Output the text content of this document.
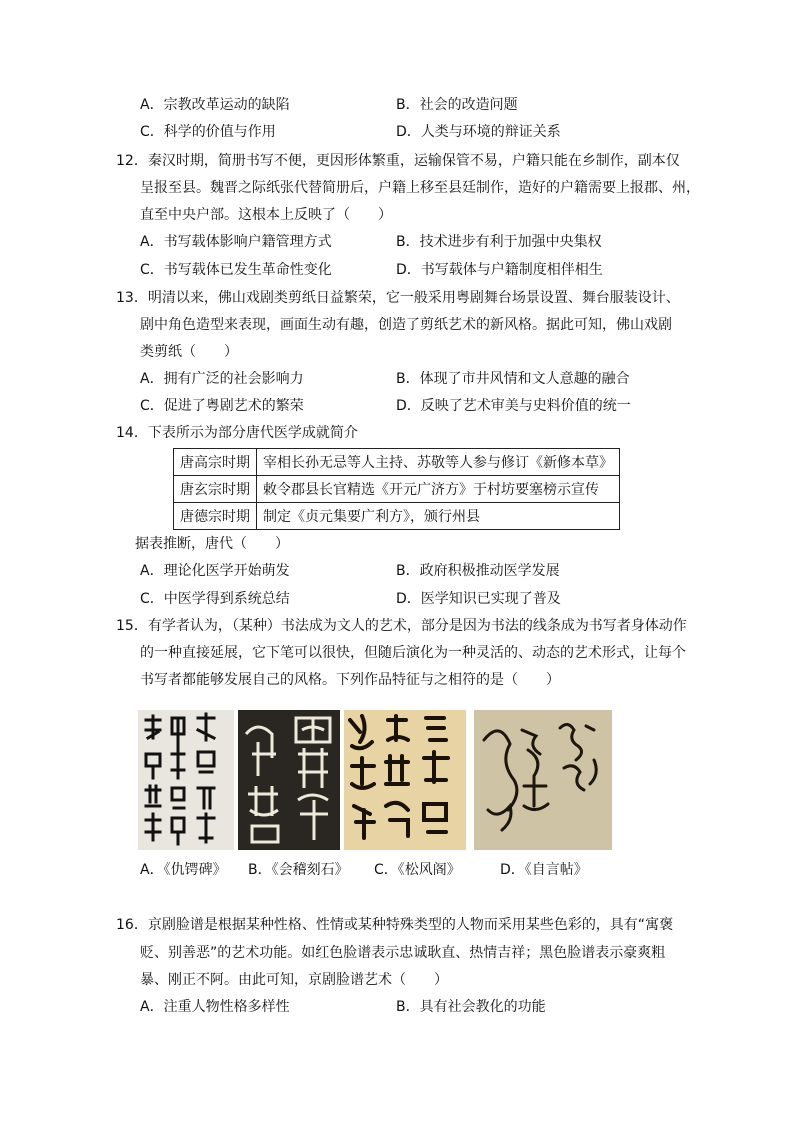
A．宗教改革运动的缺陷	B．社会的改造问题
C．科学的价值与作用	D．人类与环境的辩证关系
12．秦汉时期，简册书写不便，更因形体繁重，运输保管不易，户籍只能在乡制作，副本仅
呈报至县。魏晋之际纸张代替简册后，户籍上移至县廷制作，造好的户籍需要上报郡、州，
直至中央户部。这根本上反映了（　　）
A．书写载体影响户籍管理方式	B．技术进步有利于加强中央集权
C．书写载体已发生革命性变化	D．书写载体与户籍制度相伴相生
13．明清以来，佛山戏剧类剪纸日益繁荣，它一般采用粤剧舞台场景设置、舞台服装设计、
剧中角色造型来表现，画面生动有趣，创造了剪纸艺术的新风格。据此可知，佛山戏剧
类剪纸（　　）
A．拥有广泛的社会影响力	B．体现了市井风情和文人意趣的融合
C．促进了粤剧艺术的繁荣	D．反映了艺术审美与史料价值的统一
14．下表所示为部分唐代医学成就简介
唐高宗时期	宰相长孙无忌等人主持、苏敬等人参与修订《新修本草》
唐玄宗时期	敕令郡县长官精选《开元广济方》于村坊要塞榜示宣传
唐德宗时期	制定《贞元集要广利方》，颁行州县
据表推断，唐代（　　）
A．理论化医学开始萌发	B．政府积极推动医学发展
C．中医学得到系统总结	D．医学知识已实现了普及
15．有学者认为，（某种）书法成为文人的艺术，部分是因为书法的线条成为书写者身体动作
的一种直接延展，它下笔可以很快，但随后演化为一种灵活的、动态的艺术形式，让每个
书写者都能够发展自己的风格。下列作品特征与之相符的是（　　）
A．《仇锷碑》 B．《会稽刻石》 C．《松风阁》	D．《自言帖》
16．京剧脸谱是根据某种性格、性情或某种特殊类型的人物而采用某些色彩的，具有“寓褒
贬、别善恶”的艺术功能。如红色脸谱表示忠诚耿直、热情吉祥；黑色脸谱表示豪爽粗
暴、刚正不阿。由此可知，京剧脸谱艺术（　　）
A．注重人物性格多样性	B．具有社会教化的功能
